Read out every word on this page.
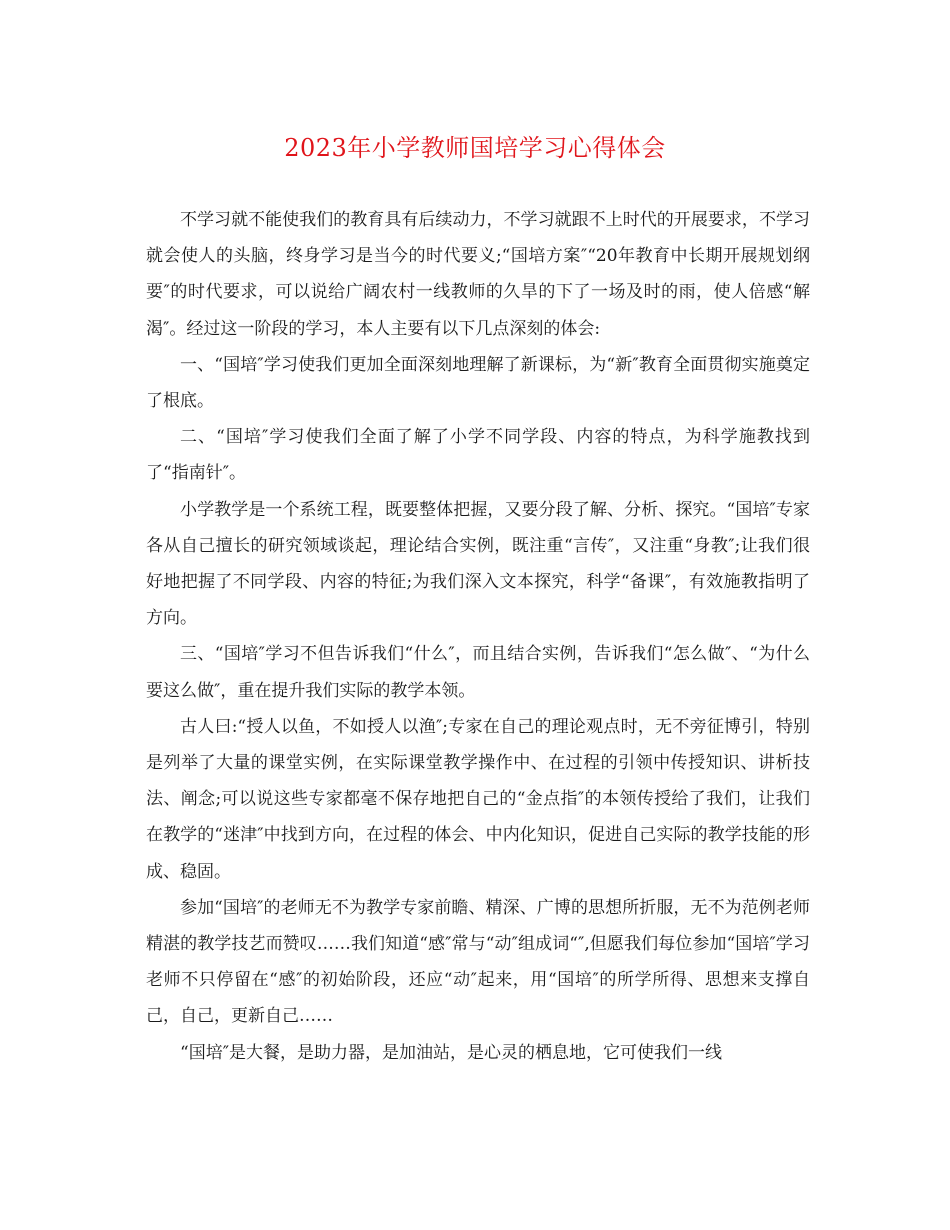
2023年小学教师国培学习心得体会

不学习就不能使我们的教育具有后续动力，不学习就跟不上时代的开展要求，不学习就会使人的头脑，终身学习是当今的时代要义;“国培方案″“20年教育中长期开展规划纲要″的时代要求，可以说给广阔农村一线教师的久旱的下了一场及时的雨，使人倍感“解渴″。经过这一阶段的学习，本人主要有以下几点深刻的体会:

一、“国培″学习使我们更加全面深刻地理解了新课标，为“新″教育全面贯彻实施奠定了根底。

二、“国培″学习使我们全面了解了小学不同学段、内容的特点，为科学施教找到了“指南针″。

小学教学是一个系统工程，既要整体把握，又要分段了解、分析、探究。“国培″专家各从自己擅长的研究领域谈起，理论结合实例，既注重“言传″，又注重“身教″;让我们很好地把握了不同学段、内容的特征;为我们深入文本探究，科学“备课″，有效施教指明了方向。

三、“国培″学习不但告诉我们“什么″，而且结合实例，告诉我们“怎么做″、“为什么要这么做″，重在提升我们实际的教学本领。

古人曰:“授人以鱼，不如授人以渔″;专家在自己的理论观点时，无不旁征博引，特别是列举了大量的课堂实例，在实际课堂教学操作中、在过程的引领中传授知识、讲析技法、阐念;可以说这些专家都毫不保存地把自己的“金点指″的本领传授给了我们，让我们在教学的“迷津″中找到方向，在过程的体会、中内化知识，促进自己实际的教学技能的形成、稳固。

参加“国培″的老师无不为教学专家前瞻、精深、广博的思想所折服，无不为范例老师精湛的教学技艺而赞叹……我们知道“感″常与“动″组成词“″,但愿我们每位参加“国培″学习老师不只停留在“感″的初始阶段，还应“动″起来，用“国培″的所学所得、思想来支撑自己，自己，更新自己……

“国培″是大餐，是助力器，是加油站，是心灵的栖息地，它可使我们一线
